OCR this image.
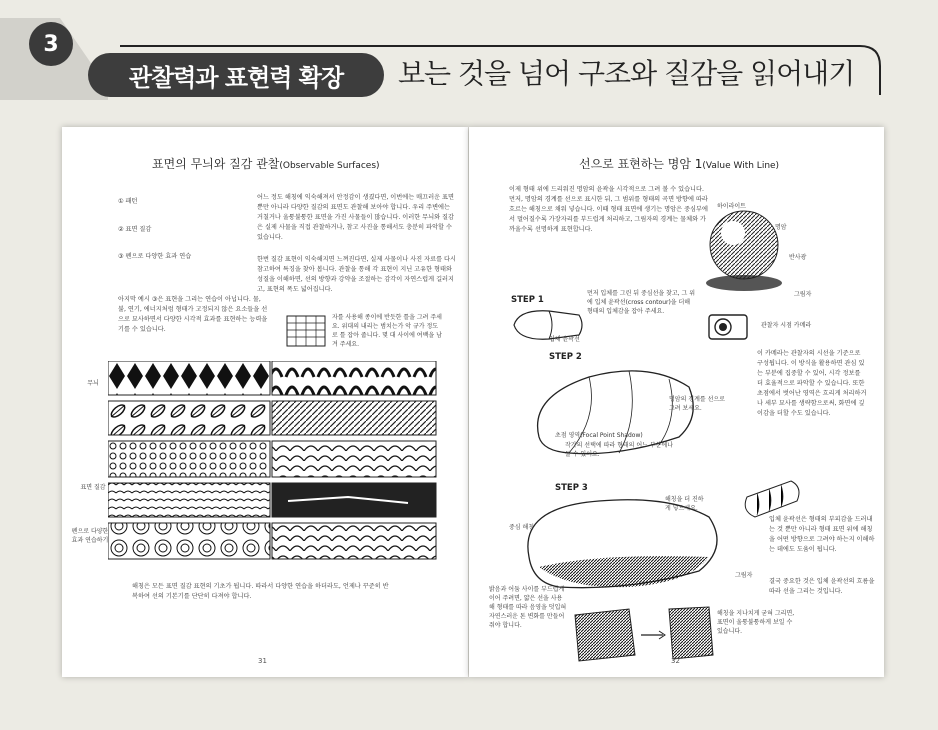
3
관찰력과 표현력 확장	보는 것을 넘어 구조와 질감을 읽어내기
표면의 무늬와 질감 관찰(Observable Surfaces)
① 패턴
② 표면 질감
③ 펜으로 다양한 효과 연습
어느 정도 해칭에 익숙해져서 안정감이 생겼다면, 이번에는 매끄러운 표면뿐만 아니라 다양한 질감의 표면도 관찰해 보아야 합니다. 우리 주변에는 거칠거나 울퉁불퉁한 표면을 가진 사물들이 많습니다. 이러한 무늬와 질감은 실제 사물을 직접 관찰하거나, 참고 사진을 통해서도 충분히 파악할 수 있습니다.
한번 질감 표현이 익숙해지면 느껴진다면, 실제 사물이나 사진 자료를 다시 참고하여 특징을 찾아 봅니다. 관찰을 통해 각 표현이 지닌 고유한 형태와 성질을 이해하면, 선의 방향과 강약을 조절하는 감각이 자연스럽게 길러지고, 표현의 폭도 넓어집니다.
아지막 예시 ③은 표현을 그리는 연습이 아닙니다. 물, 불, 연기, 에너지처럼 형태가 고정되지 않은 요소들을 선으로 묘사하면서 다양한 시각적 효과를 표현하는 능력을 기를 수 있습니다.
자를 사용해 종이에 반듯한 틀을 그려 주세요. 위대의 내리는 범치는가 악 규가 정도로 틀 잡아 줍니다. 몇 대 사이에 여백을 남겨 주세요.
무늬
표면 질감
펜으로 다양한 효과 연습하기
해칭은 모든 표면 질감 표현의 기초가 됩니다. 따라서 다양한 연습을 하더라도, 언제나 꾸준히 반복하여 선의 기본기를 단단히 다져야 합니다.
31
선으로 표현하는 명암 1(Value With Line)
이제 형태 위에 드리워진 명암의 윤곽을 시각적으로 그려 볼 수 있습니다. 먼저, 명암의 경계를 선으로 표시한 뒤, 그 범위를 형태의 곡면 방향에 따라 흐르는 해칭으로 채워 넣습니다. 이때 형태 표면에 생기는 명암은 중심부에서 멀어질수록 가장자리를 부드럽게 처리하고, 그림자의 경계는 물체와 가까울수록 선명하게 표현합니다.
하이라이트
명암
반사광
그림자
관찰자 시점 카메라
이 카메라는 관찰자의 시선을 기준으로 구성됩니다. 이 방식을 활용하면 관심 있는 부분에 집중할 수 있어, 시각 정보를 더 효율적으로 파악할 수 있습니다. 또한 초점에서 벗어난 영역은 흐리게 처리하거나 세부 묘사를 생략함으로써, 화면에 깊이감을 더할 수도 있습니다.
STEP 1
먼저 입체를 그린 뒤 중심선을 찾고, 그 위에 입체 윤곽선(cross contour)을 더해 형태의 입체감을 잡아 주세요.
입체 윤곽선
STEP 2
명암의 경계를 선으로 그려 보세요.
초점 영역(Focal Point Shadow)
작가의 선택에 따라 형태의 어느 부분에나 둘 수 있어요.
STEP 3
해칭을 더 진하게 넣으세요.
중심 해칭
입체 윤곽선은 형태의 부피감을 드러내는 것 뿐만 아니라 형태 표면 위에 해칭을 어떤 방향으로 그려야 하는지 이해하는 데에도 도움이 됩니다.
결국 중요한 것은 입체 윤곽선의 흐름을 따라 선을 그리는 것입니다.
그림자
밝음과 어둠 사이를 부드럽게 이어 주려면, 얇은 선을 사용해 형태를 따라 음영을 덧입혀 자연스러운 톤 변화를 만들어줘야 합니다.
해칭을 지나치게 굳혀 그리면, 표면이 울퉁불퉁하게 보일 수 있습니다.
32
